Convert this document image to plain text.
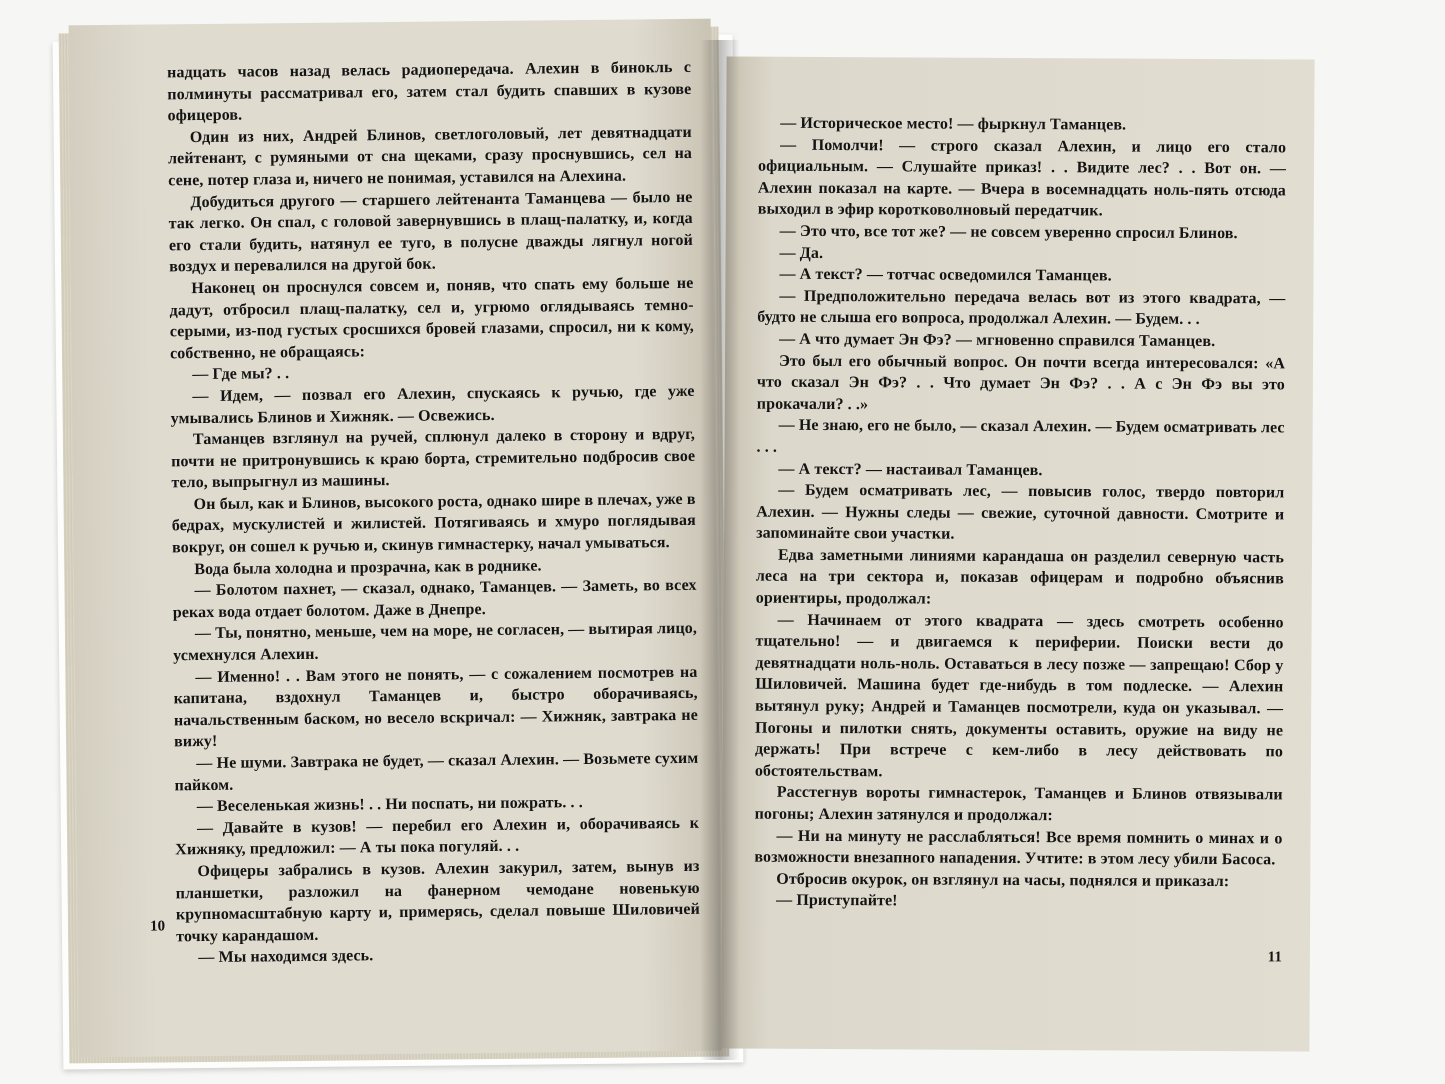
надцать часов назад велась радиопередача. Алехин в бинокль с полминуты рассматривал его, затем стал будить спавших в кузове офицеров.

Один из них, Андрей Блинов, светлоголовый, лет девятнадцати лейтенант, с румяными от сна щеками, сразу проснувшись, сел на сене, потер глаза и, ничего не понимая, уставился на Алехина.

Добудиться другого — старшего лейтенанта Таманцева — было не так легко. Он спал, с головой завернувшись в плащ-палатку, и, когда его стали будить, натянул ее туго, в полусне дважды лягнул ногой воздух и перевалился на другой бок.

Наконец он проснулся совсем и, поняв, что спать ему больше не дадут, отбросил плащ-палатку, сел и, угрюмо оглядываясь темно-серыми, из-под густых сросшихся бровей глазами, спросил, ни к кому, собственно, не обращаясь:

— Где мы? . .

— Идем, — позвал его Алехин, спускаясь к ручью, где уже умывались Блинов и Хижняк. — Освежись.

Таманцев взглянул на ручей, сплюнул далеко в сторону и вдруг, почти не притронувшись к краю борта, стремительно подбросив свое тело, выпрыгнул из машины.

Он был, как и Блинов, высокого роста, однако шире в плечах, уже в бедрах, мускулистей и жилистей. Потягиваясь и хмуро поглядывая вокруг, он сошел к ручью и, скинув гимнастерку, начал умываться.

Вода была холодна и прозрачна, как в роднике.

— Болотом пахнет, — сказал, однако, Таманцев. — Заметь, во всех реках вода отдает болотом. Даже в Днепре.

— Ты, понятно, меньше, чем на море, не согласен, — вытирая лицо, усмехнулся Алехин.

— Именно! . . Вам этого не понять, — с сожалением посмотрев на капитана, вздохнул Таманцев и, быстро оборачиваясь, начальственным баском, но весело вскричал: — Хижняк, завтрака не вижу!

— Не шуми. Завтрака не будет, — сказал Алехин. — Возьмете сухим пайком.

— Веселенькая жизнь! . . Ни поспать, ни пожрать. . .

— Давайте в кузов! — перебил его Алехин и, оборачиваясь к Хижняку, предложил: — А ты пока погуляй. . .

Офицеры забрались в кузов. Алехин закурил, затем, вынув из планшетки, разложил на фанерном чемодане новенькую крупномасштабную карту и, примерясь, сделал повыше Шиловичей точку карандашом.

— Мы находимся здесь.

10

— Историческое место! — фыркнул Таманцев.

— Помолчи! — строго сказал Алехин, и лицо его стало официальным. — Слушайте приказ! . . Видите лес? . . Вот он. — Алехин показал на карте. — Вчера в восемнадцать ноль-пять отсюда выходил в эфир коротковолновый передатчик.

— Это что, все тот же? — не совсем уверенно спросил Блинов.

— Да.

— А текст? — тотчас осведомился Таманцев.

— Предположительно передача велась вот из этого квадрата, — будто не слыша его вопроса, продолжал Алехин. — Будем. . .

— А что думает Эн Фэ? — мгновенно справился Таманцев.

Это был его обычный вопрос. Он почти всегда интересовался: «А что сказал Эн Фэ? . . Что думает Эн Фэ? . . А с Эн Фэ вы это прокачали? . .»

— Не знаю, его не было, — сказал Алехин. — Будем осматривать лес . . .

— А текст? — настаивал Таманцев.

— Будем осматривать лес, — повысив голос, твердо повторил Алехин. — Нужны следы — свежие, суточной давности. Смотрите и запоминайте свои участки.

Едва заметными линиями карандаша он разделил северную часть леса на три сектора и, показав офицерам и подробно объяснив ориентиры, продолжал:

— Начинаем от этого квадрата — здесь смотреть особенно тщательно! — и двигаемся к периферии. Поиски вести до девятнадцати ноль-ноль. Оставаться в лесу позже — запрещаю! Сбор у Шиловичей. Машина будет где-нибудь в том подлеске. — Алехин вытянул руку; Андрей и Таманцев посмотрели, куда он указывал. — Погоны и пилотки снять, документы оставить, оружие на виду не держать! При встрече с кем-либо в лесу действовать по обстоятельствам.

Расстегнув вороты гимнастерок, Таманцев и Блинов отвязывали погоны; Алехин затянулся и продолжал:

— Ни на минуту не расслабляться! Все время помнить о минах и о возможности внезапного нападения. Учтите: в этом лесу убили Басоса.

Отбросив окурок, он взглянул на часы, поднялся и приказал:

— Приступайте!

11
